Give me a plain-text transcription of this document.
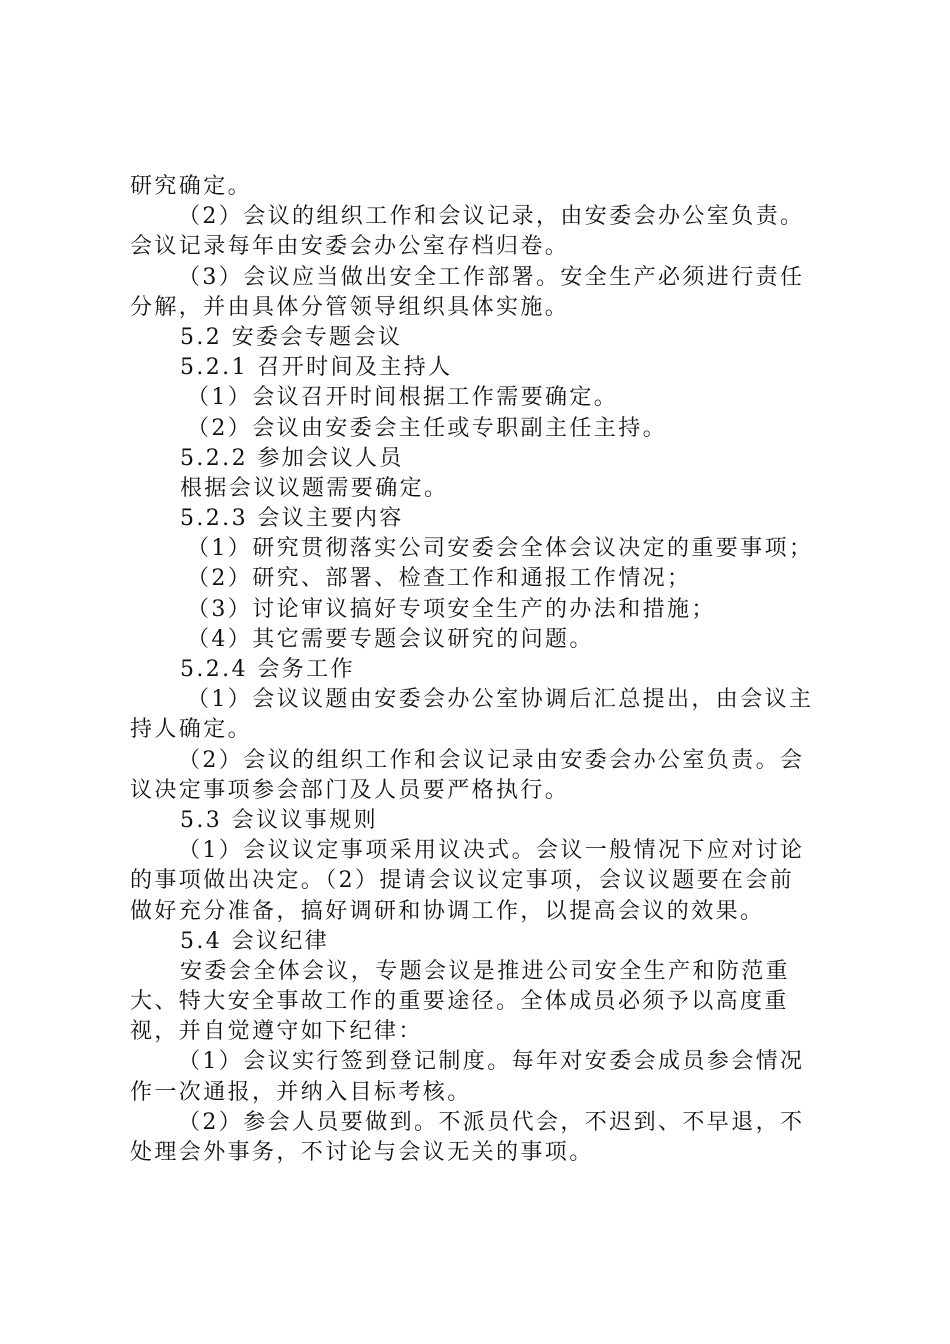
研究确定。
（2）会议的组织工作和会议记录，由安委会办公室负责。
会议记录每年由安委会办公室存档归卷。
（3）会议应当做出安全工作部署。安全生产必须进行责任
分解，并由具体分管领导组织具体实施。
5.2 安委会专题会议
5.2.1 召开时间及主持人
（1）会议召开时间根据工作需要确定。
（2）会议由安委会主任或专职副主任主持。
5.2.2 参加会议人员
根据会议议题需要确定。
5.2.3 会议主要内容
（1）研究贯彻落实公司安委会全体会议决定的重要事项；
（2）研究、部署、检查工作和通报工作情况；
（3）讨论审议搞好专项安全生产的办法和措施；
（4）其它需要专题会议研究的问题。
5.2.4 会务工作
（1）会议议题由安委会办公室协调后汇总提出，由会议主
持人确定。
（2）会议的组织工作和会议记录由安委会办公室负责。会
议决定事项参会部门及人员要严格执行。
5.3 会议议事规则
（1）会议议定事项采用议决式。会议一般情况下应对讨论
的事项做出决定。（2）提请会议议定事项，会议议题要在会前
做好充分准备，搞好调研和协调工作，以提高会议的效果。
5.4 会议纪律
安委会全体会议，专题会议是推进公司安全生产和防范重
大、特大安全事故工作的重要途径。全体成员必须予以高度重
视，并自觉遵守如下纪律：
（1）会议实行签到登记制度。每年对安委会成员参会情况
作一次通报，并纳入目标考核。
（2）参会人员要做到。不派员代会，不迟到、不早退，不
处理会外事务，不讨论与会议无关的事项。
